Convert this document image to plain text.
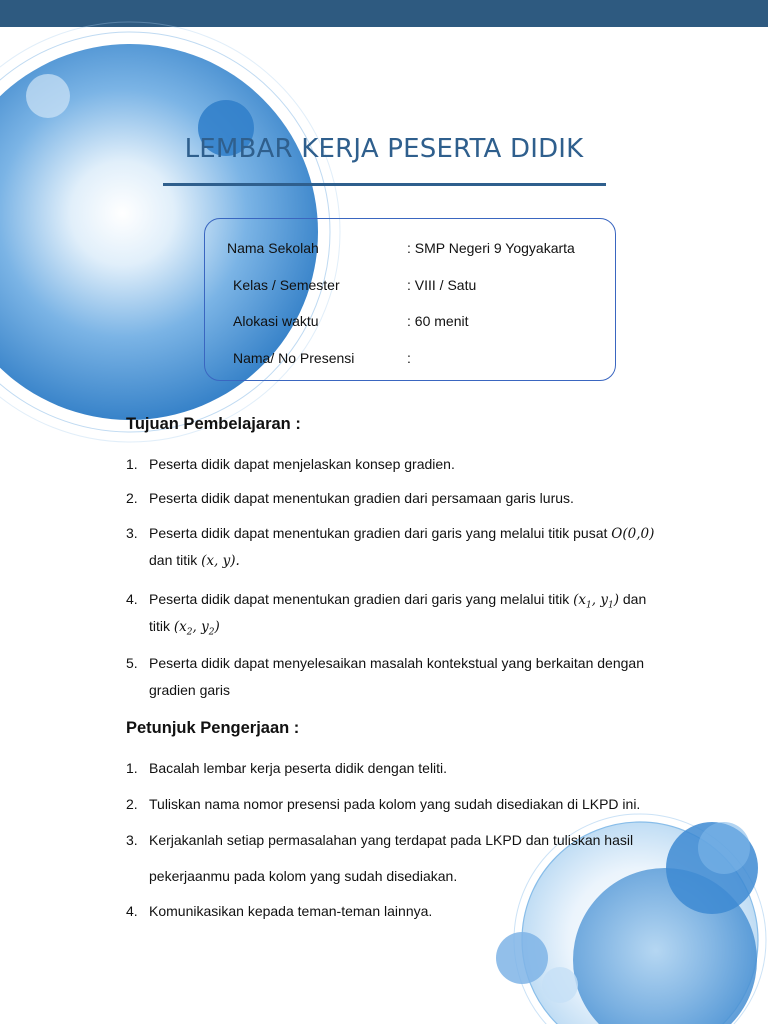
LEMBAR KERJA PESERTA DIDIK
Nama Sekolah	: SMP Negeri 9 Yogyakarta
Kelas / Semester	: VIII / Satu
Alokasi waktu	: 60 menit
Nama/ No Presensi	:
Tujuan Pembelajaran :
1. Peserta didik dapat menjelaskan konsep gradien.
2. Peserta didik dapat menentukan gradien dari persamaan garis lurus.
3. Peserta didik dapat menentukan gradien dari garis yang melalui titik pusat O(0,0)
dan titik (x, y).
4. Peserta didik dapat menentukan gradien dari garis yang melalui titik ($x_1$, $y_1$) dan
titik ($x_2$, $y_2$)
5. Peserta didik dapat menyelesaikan masalah kontekstual yang berkaitan dengan
gradien garis
Petunjuk Pengerjaan :
1. Bacalah lembar kerja peserta didik dengan teliti.
2. Tuliskan nama nomor presensi pada kolom yang sudah disediakan di LKPD ini.
3. Kerjakanlah setiap permasalahan yang terdapat pada LKPD dan tuliskan hasil
pekerjaanmu pada kolom yang sudah disediakan.
4. Komunikasikan kepada teman-teman lainnya.
